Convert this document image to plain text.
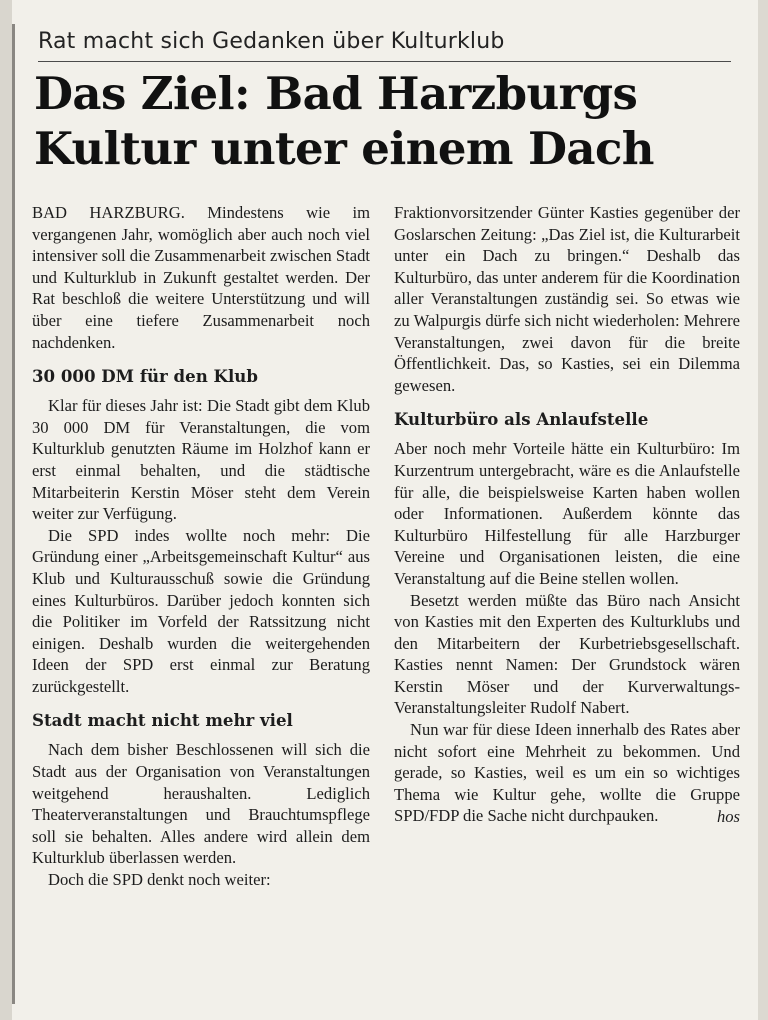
Rat macht sich Gedanken über Kulturklub
Das Ziel: Bad Harzburgs
Kultur unter einem Dach

BAD HARZBURG. Mindestens wie im vergangenen Jahr, womöglich aber auch noch viel intensiver soll die Zusammenarbeit zwischen Stadt und Kulturklub in Zukunft gestaltet werden. Der Rat beschloß die weitere Unterstützung und will über eine tiefere Zusammenarbeit noch nachdenken.

30 000 DM für den Klub

Klar für dieses Jahr ist: Die Stadt gibt dem Klub 30 000 DM für Veranstaltungen, die vom Kulturklub genutzten Räume im Holzhof kann er erst einmal behalten, und die städtische Mitarbeiterin Kerstin Möser steht dem Verein weiter zur Verfügung.

Die SPD indes wollte noch mehr: Die Gründung einer „Arbeitsgemeinschaft Kultur“ aus Klub und Kulturausschuß sowie die Gründung eines Kulturbüros. Darüber jedoch konnten sich die Politiker im Vorfeld der Ratssitzung nicht einigen. Deshalb wurden die weitergehenden Ideen der SPD erst einmal zur Beratung zurückgestellt.

Stadt macht nicht mehr viel

Nach dem bisher Beschlossenen will sich die Stadt aus der Organisation von Veranstaltungen weitgehend heraushalten. Lediglich Theaterveranstaltungen und Brauchtumspflege soll sie behalten. Alles andere wird allein dem Kulturklub überlassen werden.

Doch die SPD denkt noch weiter:

Fraktionvorsitzender Günter Kasties gegenüber der Goslarschen Zeitung: „Das Ziel ist, die Kulturarbeit unter ein Dach zu bringen.“ Deshalb das Kulturbüro, das unter anderem für die Koordination aller Veranstaltungen zuständig sei. So etwas wie zu Walpurgis dürfe sich nicht wiederholen: Mehrere Veranstaltungen, zwei davon für die breite Öffentlichkeit. Das, so Kasties, sei ein Dilemma gewesen.

Kulturbüro als Anlaufstelle

Aber noch mehr Vorteile hätte ein Kulturbüro: Im Kurzentrum untergebracht, wäre es die Anlaufstelle für alle, die beispielsweise Karten haben wollen oder Informationen. Außerdem könnte das Kulturbüro Hilfestellung für alle Harzburger Vereine und Organisationen leisten, die eine Veranstaltung auf die Beine stellen wollen.

Besetzt werden müßte das Büro nach Ansicht von Kasties mit den Experten des Kulturklubs und den Mitarbeitern der Kurbetriebsgesellschaft. Kasties nennt Namen: Der Grundstock wären Kerstin Möser und der Kurverwaltungs-Veranstaltungsleiter Rudolf Nabert.

Nun war für diese Ideen innerhalb des Rates aber nicht sofort eine Mehrheit zu bekommen. Und gerade, so Kasties, weil es um ein so wichtiges Thema wie Kultur gehe, wollte die Gruppe SPD/FDP die Sache nicht durchpauken.	hos
